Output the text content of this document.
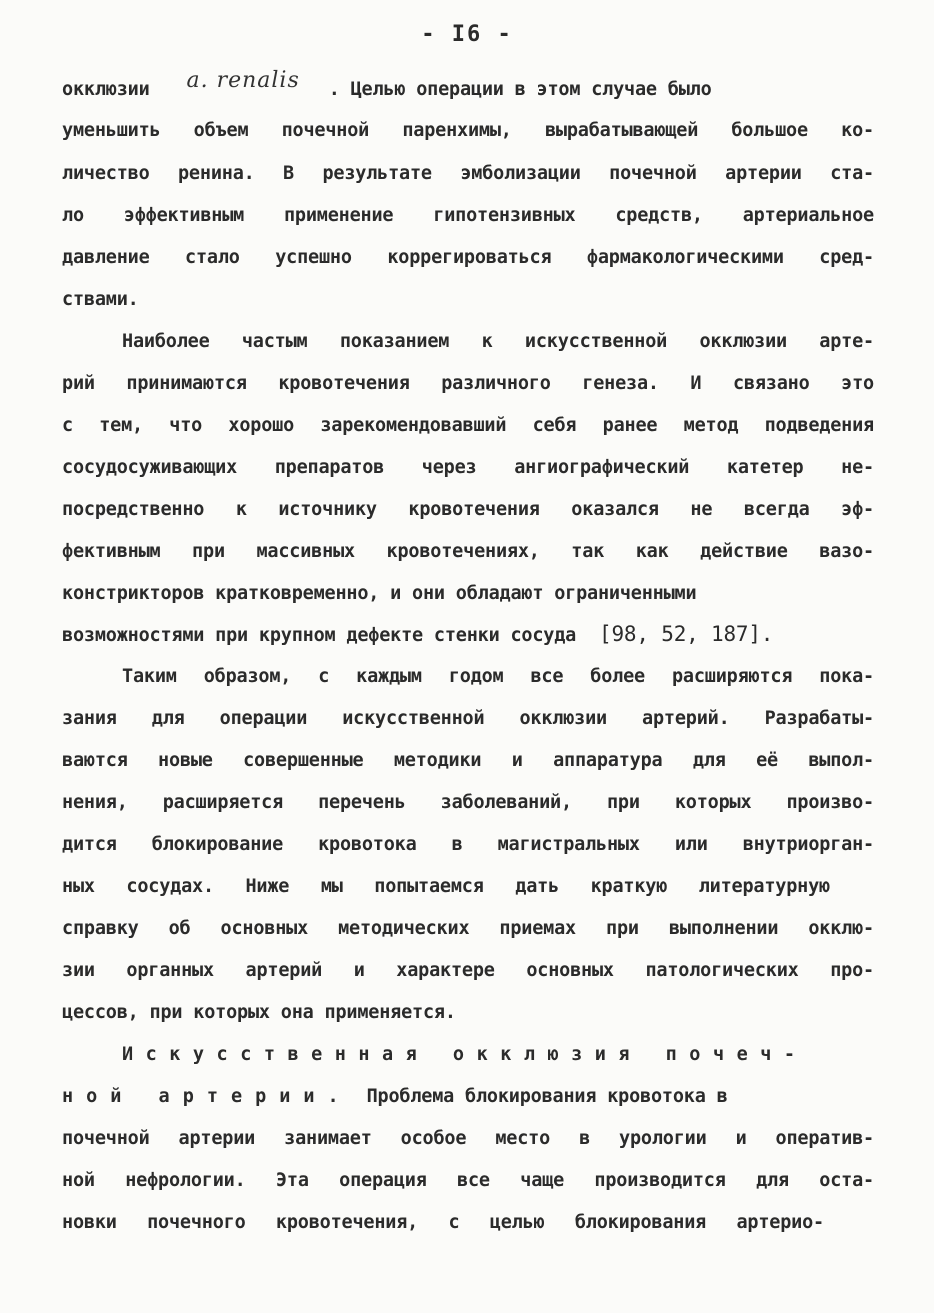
- I6 -
окклюзии a. renalis . Целью операции в этом случае было
уменьшить объем почечной паренхимы, вырабатывающей большое ко-
личество ренина. В результате эмболизации почечной артерии ста-
ло эффективным применение гипотензивных средств, артериальное
давление стало успешно коррегироваться фармакологическими сред-
ствами.
Наиболее частым показанием к искусственной окклюзии арте-
рий принимаются кровотечения различного генеза. И связано это
с тем, что хорошо зарекомендовавший себя ранее метод подведения
сосудосуживающих препаратов через ангиографический катетер не-
посредственно к источнику кровотечения оказался не всегда эф-
фективным при массивных кровотечениях, так как действие вазо-
констрикторов кратковременно, и они обладают ограниченными
возможностями при крупном дефекте стенки сосуда [98, 52, 187].
Таким образом, с каждым годом все более расширяются пока-
зания для операции искусственной окклюзии артерий. Разрабаты-
ваются новые совершенные методики и аппаратура для её выпол-
нения, расширяется перечень заболеваний, при которых произво-
дится блокирование кровотока в магистральных или внутриорган-
ных сосудах. Ниже мы попытаемся дать краткую литературную
справку об основных методических приемах при выполнении окклю-
зии органных артерий и характере основных патологических про-
цессов, при которых она применяется.
Искусственная окклюзия почеч-
ной артерии. Проблема блокирования кровотока в
почечной артерии занимает особое место в урологии и оператив-
ной нефрологии. Эта операция все чаще производится для оста-
новки почечного кровотечения, с целью блокирования артерио-
